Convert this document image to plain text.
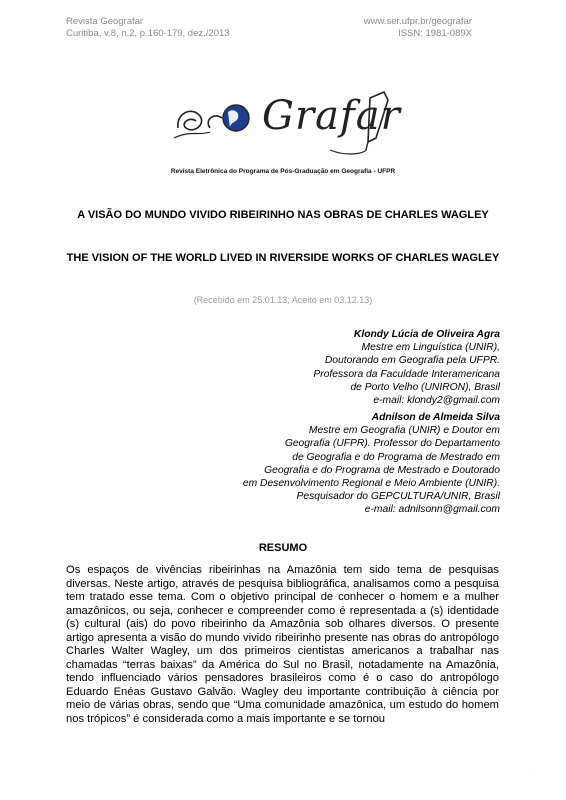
Revista Geografar
Curitiba, v.8, n.2, p.160-179, dez./2013
www.ser.ufpr.br/geografar
ISSN: 1981-089X
Grafar
Revista Eletrônica do Programa de Pós-Graduação em Geografia - UFPR
A VISÃO DO MUNDO VIVIDO RIBEIRINHO NAS OBRAS DE CHARLES WAGLEY
THE VISION OF THE WORLD LIVED IN RIVERSIDE WORKS OF CHARLES WAGLEY
(Recebido em 25.01.13; Aceito em 03.12.13)
Klondy Lúcia de Oliveira Agra
Mestre em Linguística (UNIR),
Doutorando em Geografia pela UFPR.
Professora da Faculdade Interamericana
de Porto Velho (UNIRON), Brasil
e-mail: klondy2@gmail.com
Adnilson de Almeida Silva
Mestre em Geografia (UNIR) e Doutor em
Geografia (UFPR). Professor do Departamento
de Geografia e do Programa de Mestrado em
Geografia e do Programa de Mestrado e Doutorado
em Desenvolvimento Regional e Meio Ambiente (UNIR).
Pesquisador do GEPCULTURA/UNIR, Brasil
e-mail: adnilsonn@gmail.com
RESUMO

Os espaços de vivências ribeirinhas na Amazônia tem sido tema de pesquisas diversas. Neste artigo, através de pesquisa bibliográfica, analisamos como a pesquisa tem tratado esse tema. Com o objetivo principal de conhecer o homem e a mulher amazônicos, ou seja, conhecer e compreender como é representada a (s) identidade (s) cultural (ais) do povo ribeirinho da Amazônia sob olhares diversos. O presente artigo apresenta a visão do mundo vivido ribeirinho presente nas obras do antropólogo Charles Walter Wagley, um dos primeiros cientistas americanos a trabalhar nas chamadas “terras baixas” da América do Sul no Brasil, notadamente na Amazônia, tendo influenciado vários pensadores brasileiros como é o caso do antropólogo Eduardo Enéas Gustavo Galvão. Wagley deu importante contribuição à ciência por meio de várias obras, sendo que “Uma comunidade amazônica, um estudo do homem nos trópicos” é considerada como a mais importante e se tornou

·
